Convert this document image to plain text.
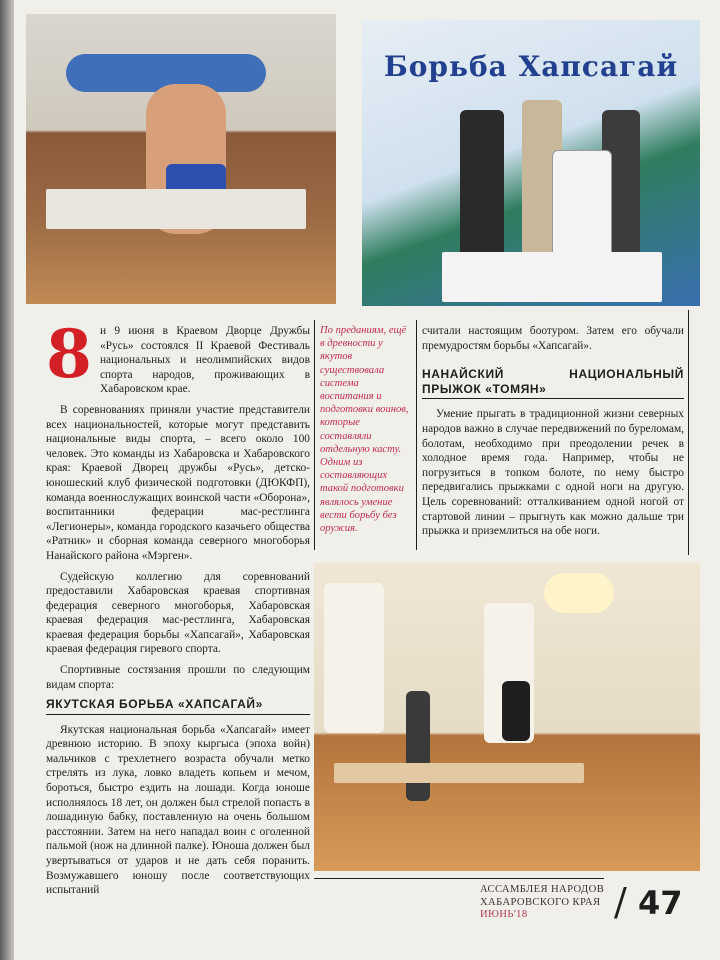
Борьба Хапсагай

8 и 9 июня в Краевом Дворце Дружбы «Русь» состоялся II Краевой Фестиваль национальных и неолимпийских видов спорта народов, проживающих в Хабаровском крае.

В соревнованиях приняли участие представители всех национальностей, которые могут представить национальные виды спорта, – всего около 100 человек. Это команды из Хабаровска и Хабаровского края: Краевой Дворец дружбы «Русь», детско-юношеский клуб физической подготовки (ДЮКФП), команда военнослужащих воинской части «Оборона», воспитанники федерации мас-рестлинга «Легионеры», команда городского казачьего общества «Ратник» и сборная команда северного многоборья Нанайского района «Мэрген».

Судейскую коллегию для соревнований предоставили Хабаровская краевая спортивная федерация северного многоборья, Хабаровская краевая федерация мас-рестлинга, Хабаровская краевая федерация борьбы «Хапсагай», Хабаровская краевая федерация гиревого спорта.

Спортивные состязания прошли по следующим видам спорта:

ЯКУТСКАЯ БОРЬБА «ХАПСАГАЙ»

Якутская национальная борьба «Хапсагай» имеет древнюю историю. В эпоху кыргыса (эпоха войн) мальчиков с трехлетнего возраста обучали метко стрелять из лука, ловко владеть копьем и мечом, бороться, быстро ездить на лошади. Когда юноше исполнялось 18 лет, он должен был стрелой попасть в лошадиную бабку, поставленную на очень большом расстоянии. Затем на него нападал воин с оголенной пальмой (нож на длинной палке). Юноша должен был увертываться от ударов и не дать себя поранить. Возмужавшего юношу после соответствующих испытаний

По преданиям, ещё в древности у якутов существовала система воспитания и подготовки воинов, которые составляли отдельную касту. Одним из составляющих такой подготовки являлось умение вести борьбу без оружия.

считали настоящим боотуром. Затем его обучали премудростям борьбы «Хапсагай».

НАНАЙСКИЙ НАЦИОНАЛЬНЫЙ ПРЫЖОК «ТОМЯН»

Умение прыгать в традиционной жизни северных народов важно в случае передвижений по буреломам, болотам, необходимо при преодолении речек в холодное время года. Например, чтобы не погрузиться в топком болоте, по нему быстро передвигались прыжками с одной ноги на другую. Цель соревнований: отталкиванием одной ногой от стартовой линии – прыгнуть как можно дальше три прыжка и приземлиться на обе ноги.

АССАМБЛЕЯ НАРОДОВ
ХАБАРОВСКОГО КРАЯ
ИЮНЬ'18	/ 47
